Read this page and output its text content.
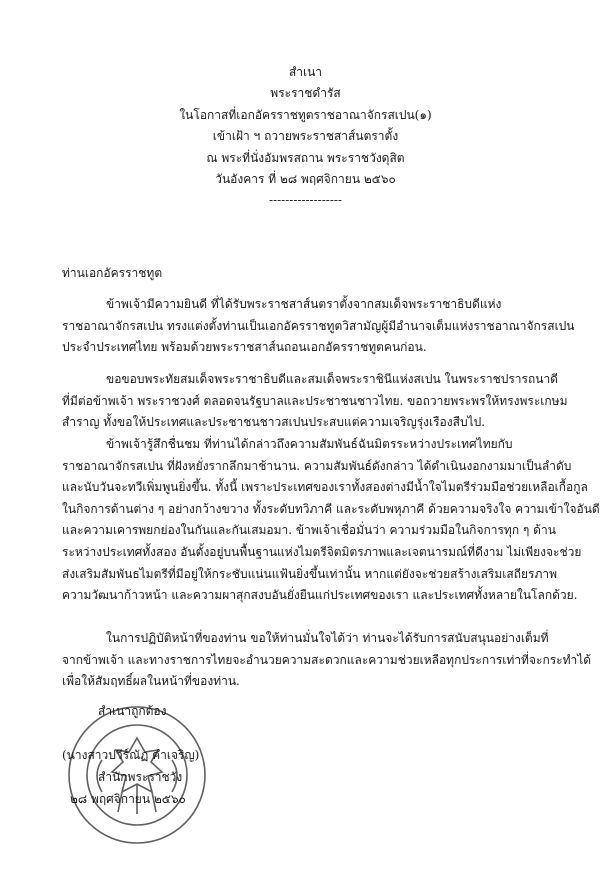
สำเนา
พระราชดำรัส
ในโอกาสที่เอกอัครราชทูตราชอาณาจักรสเปน(๑)
เข้าเฝ้า ฯ ถวายพระราชสาส์นตราตั้ง
ณ พระที่นั่งอัมพรสถาน พระราชวังดุสิต
วันอังคาร ที่ ๒๘ พฤศจิกายน ๒๕๖๐
------------------
ท่านเอกอัครราชทูต
ข้าพเจ้ามีความยินดี ที่ได้รับพระราชสาส์นตราตั้งจากสมเด็จพระราชาธิบดีแห่ง
ราชอาณาจักรสเปน ทรงแต่งตั้งท่านเป็นเอกอัครราชทูตวิสามัญผู้มีอำนาจเต็มแห่งราชอาณาจักรสเปน
ประจำประเทศไทย พร้อมด้วยพระราชสาส์นถอนเอกอัครราชทูตคนก่อน.
ขอขอบพระทัยสมเด็จพระราชาธิบดีและสมเด็จพระราชินีแห่งสเปน ในพระราชปรารถนาดี
ที่มีต่อข้าพเจ้า พระราชวงศ์ ตลอดจนรัฐบาลและประชาชนชาวไทย. ขอถวายพระพรให้ทรงพระเกษม
สำราญ ทั้งขอให้ประเทศและประชาชนชาวสเปนประสบแต่ความเจริญรุ่งเรืองสืบไป.
ข้าพเจ้ารู้สึกชื่นชม ที่ท่านได้กล่าวถึงความสัมพันธ์ฉันมิตรระหว่างประเทศไทยกับ
ราชอาณาจักรสเปน ที่ฝังหยั่งรากลึกมาช้านาน. ความสัมพันธ์ดังกล่าว ได้ดำเนินงอกงามมาเป็นลำดับ
และนับวันจะทวีเพิ่มพูนยิ่งขึ้น. ทั้งนี้ เพราะประเทศของเราทั้งสองต่างมีน้ำใจไมตรีร่วมมือช่วยเหลือเกื้อกูล
ในกิจการด้านต่าง ๆ อย่างกว้างขวาง ทั้งระดับทวิภาคี และระดับพหุภาคี ด้วยความจริงใจ ความเข้าใจอันดี
และความเคารพยกย่องในกันและกันเสมอมา. ข้าพเจ้าเชื่อมั่นว่า ความร่วมมือในกิจการทุก ๆ ด้าน
ระหว่างประเทศทั้งสอง อันตั้งอยู่บนพื้นฐานแห่งไมตรีจิตมิตรภาพและเจตนารมณ์ที่ดีงาม ไม่เพียงจะช่วย
ส่งเสริมสัมพันธไมตรีที่มีอยู่ให้กระชับแน่นแฟ้นยิ่งขึ้นเท่านั้น หากแต่ยังจะช่วยสร้างเสริมเสถียรภาพ
ความวัฒนาก้าวหน้า และความผาสุกสงบอันยั่งยืนแก่ประเทศของเรา และประเทศทั้งหลายในโลกด้วย.
ในการปฏิบัติหน้าที่ของท่าน ขอให้ท่านมั่นใจได้ว่า ท่านจะได้รับการสนับสนุนอย่างเต็มที่
จากข้าพเจ้า และทางราชการไทยจะอำนวยความสะดวกและความช่วยเหลือทุกประการเท่าที่จะกระทำได้
เพื่อให้สัมฤทธิ์ผลในหน้าที่ของท่าน.
สำเนาถูกต้อง
(นางสาวปวีร์ณัฏ คำเจริญ)
สำนักพระราชวัง
๒๘ พฤศจิกายน ๒๕๖๐
